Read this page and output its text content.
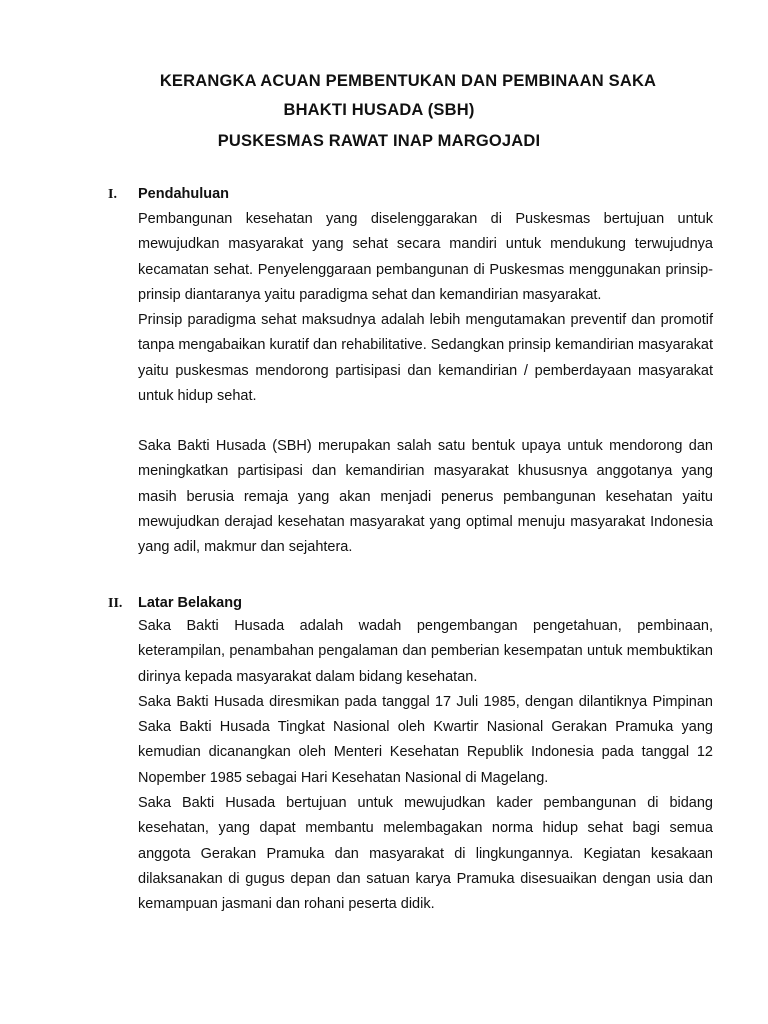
KERANGKA ACUAN PEMBENTUKAN DAN PEMBINAAN SAKA
BHAKTI HUSADA (SBH)
PUSKESMAS RAWAT INAP MARGOJADI
I. Pendahuluan

Pembangunan kesehatan yang diselenggarakan di Puskesmas bertujuan untuk mewujudkan masyarakat yang sehat secara mandiri untuk mendukung terwujudnya kecamatan sehat. Penyelenggaraan pembangunan di Puskesmas menggunakan prinsip-prinsip diantaranya yaitu paradigma sehat dan kemandirian masyarakat.

Prinsip paradigma sehat maksudnya adalah lebih mengutamakan preventif dan promotif tanpa mengabaikan kuratif dan rehabilitative. Sedangkan prinsip kemandirian masyarakat yaitu puskesmas mendorong partisipasi dan kemandirian / pemberdayaan masyarakat untuk hidup sehat.

Saka Bakti Husada (SBH) merupakan salah satu bentuk upaya untuk mendorong dan meningkatkan partisipasi dan kemandirian masyarakat khususnya anggotanya yang masih berusia remaja yang akan menjadi penerus pembangunan kesehatan yaitu mewujudkan derajad kesehatan masyarakat yang optimal menuju masyarakat Indonesia yang adil, makmur dan sejahtera.

II. Latar Belakang

Saka Bakti Husada adalah wadah pengembangan pengetahuan, pembinaan, keterampilan, penambahan pengalaman dan pemberian kesempatan untuk membuktikan dirinya kepada masyarakat dalam bidang kesehatan.

Saka Bakti Husada diresmikan pada tanggal 17 Juli 1985, dengan dilantiknya Pimpinan Saka Bakti Husada Tingkat Nasional oleh Kwartir Nasional Gerakan Pramuka yang kemudian dicanangkan oleh Menteri Kesehatan Republik Indonesia pada tanggal 12 Nopember 1985 sebagai Hari Kesehatan Nasional di Magelang.

Saka Bakti Husada bertujuan untuk mewujudkan kader pembangunan di bidang kesehatan, yang dapat membantu melembagakan norma hidup sehat bagi semua anggota Gerakan Pramuka dan masyarakat di lingkungannya. Kegiatan kesakaan dilaksanakan di gugus depan dan satuan karya Pramuka disesuaikan dengan usia dan kemampuan jasmani dan rohani peserta didik.
